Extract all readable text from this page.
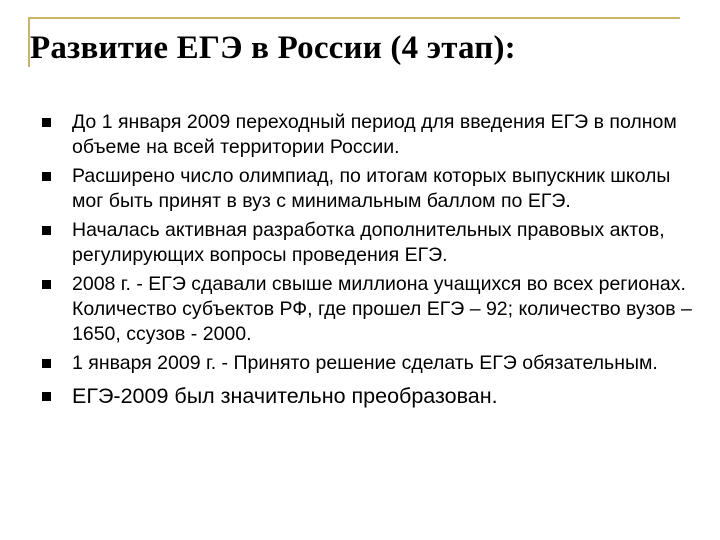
Развитие ЕГЭ в России (4 этап):
До 1 января 2009 переходный период для введения ЕГЭ в полном объеме на всей территории России.
Расширено число олимпиад, по итогам которых выпускник школы мог быть принят в вуз с минимальным баллом по ЕГЭ.
Началась активная разработка дополнительных правовых актов, регулирующих вопросы проведения ЕГЭ.
2008 г. - ЕГЭ сдавали свыше миллиона учащихся во всех регионах. Количество субъектов РФ, где прошел ЕГЭ – 92; количество вузов – 1650, ссузов - 2000.
1 января 2009 г. - Принято решение сделать ЕГЭ обязательным.
ЕГЭ-2009 был значительно преобразован.
